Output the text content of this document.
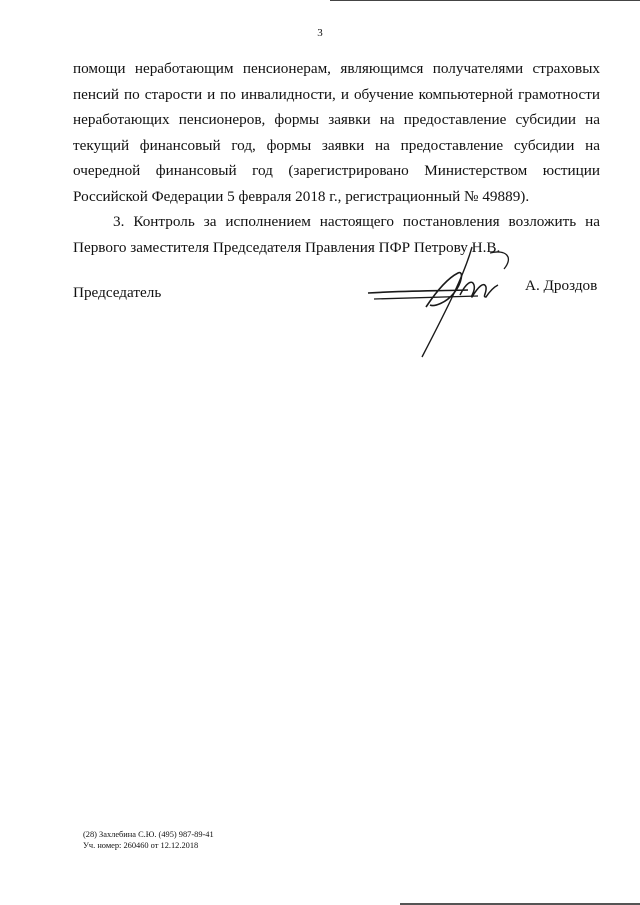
3
помощи неработающим пенсионерам, являющимся получателями страховых
пенсий по старости и по инвалидности, и обучение компьютерной грамотности
неработающих пенсионеров, формы заявки на предоставление субсидии на
текущий финансовый год, формы заявки на предоставление субсидии на
очередной финансовый год (зарегистрировано Министерством юстиции
Российской Федерации 5 февраля 2018 г., регистрационный № 49889).
3. Контроль за исполнением настоящего постановления возложить на
Первого заместителя Председателя Правления ПФР Петрову Н.В.
Председатель	А. Дроздов
(28) Захлебина С.Ю. (495) 987-89-41
Уч. номер: 260460 от 12.12.2018
